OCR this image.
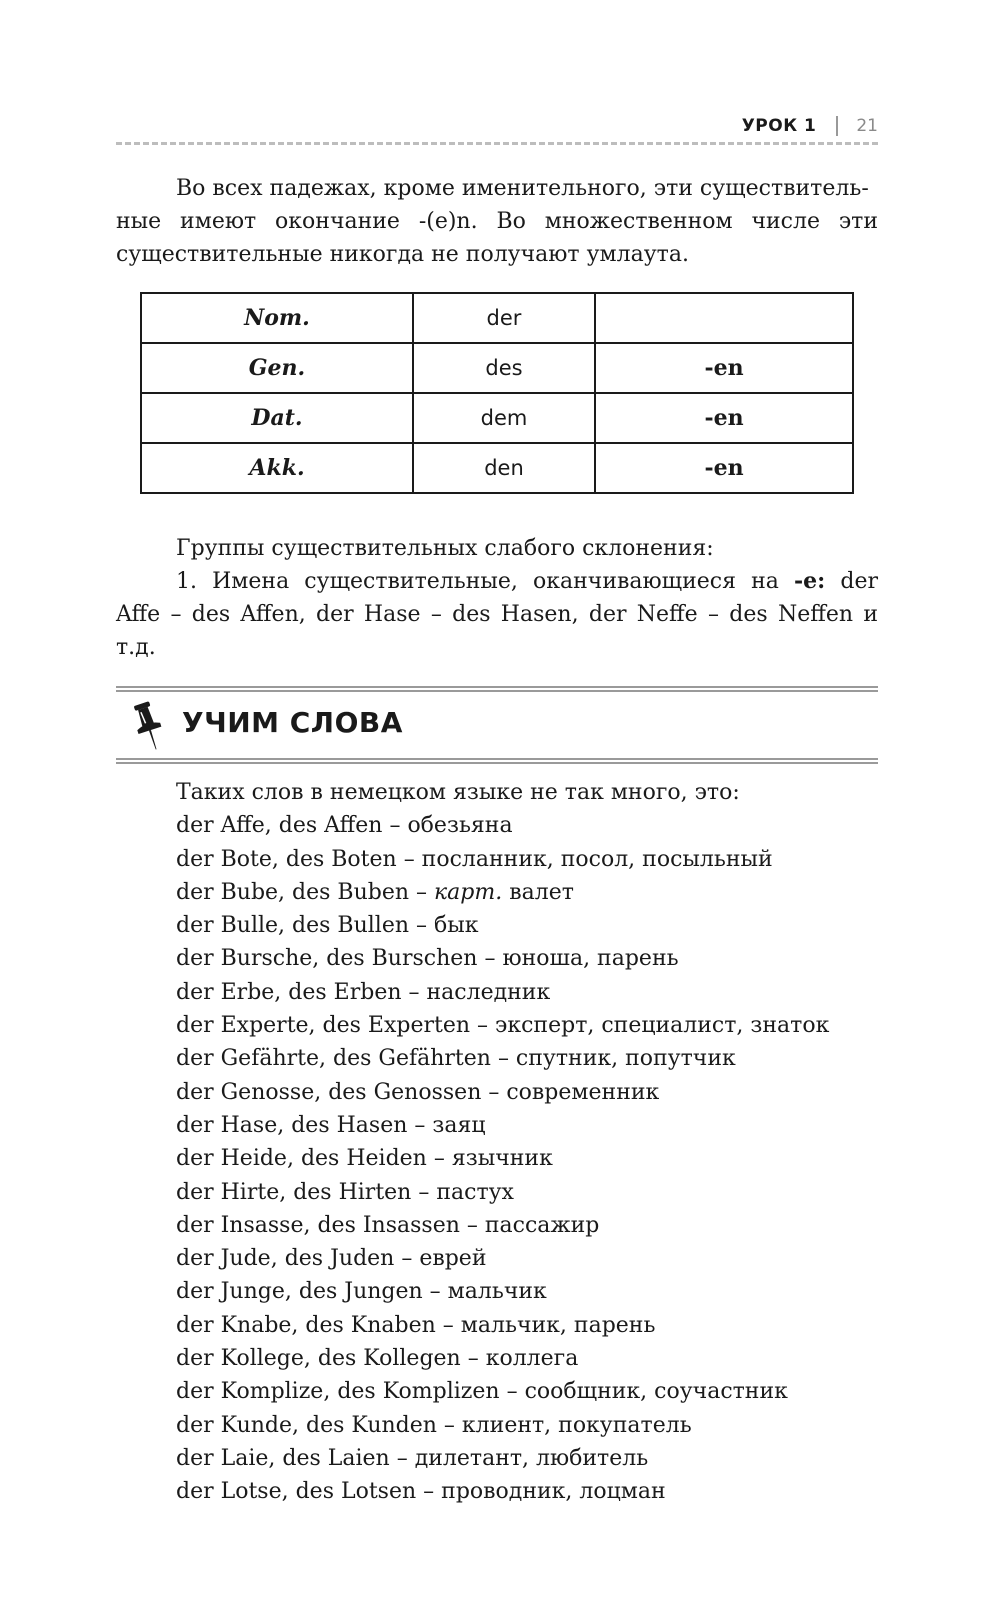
УРОК 1 21

Во всех падежах, кроме именительного, эти существитель-
ные имеют окончание -(e)n. Во множественном числе эти существительные никогда не получают умлаута.

Nom.	der	
Gen.	des	-en
Dat.	dem	-en
Akk.	den	-en

Группы существительных слабого склонения:
1. Имена существительные, оканчивающиеся на -e: der Affe – des Affen, der Hase – des Hasen, der Neffe – des Neffen и т.д.

УЧИМ СЛОВА
Таких слов в немецком языке не так много, это:
der Affe, des Affen – обезьяна
der Bote, des Boten – посланник, посол, посыльный
der Bube, des Buben – карт. валет
der Bulle, des Bullen – бык
der Bursche, des Burschen – юноша, парень
der Erbe, des Erben – наследник
der Experte, des Experten – эксперт, специалист, знаток
der Gefährte, des Gefährten – спутник, попутчик
der Genosse, des Genossen – современник
der Hase, des Hasen – заяц
der Heide, des Heiden – язычник
der Hirte, des Hirten – пастух
der Insasse, des Insassen – пассажир
der Jude, des Juden – еврей
der Junge, des Jungen – мальчик
der Knabe, des Knaben – мальчик, парень
der Kollege, des Kollegen – коллега
der Komplize, des Komplizen – сообщник, соучастник
der Kunde, des Kunden – клиент, покупатель
der Laie, des Laien – дилетант, любитель
der Lotse, des Lotsen – проводник, лоцман
